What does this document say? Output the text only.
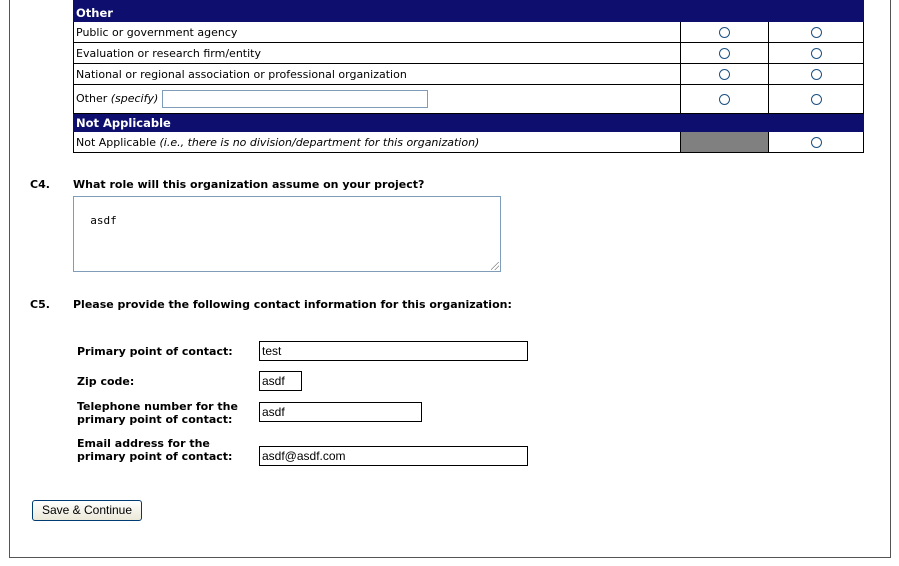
Other		
Public or government agency		
Evaluation or research firm/entity		
National or regional association or professional organization		
Other (specify)		
Not Applicable		
Not Applicable (i.e., there is no division/department for this organization)		
C4. What role will this organization assume on your project?

asdf

C5. Please provide the following contact information for this organization:
Primary point of contact: test
Zip code:	asdf
Telephone number for the
primary point of contact:
asdf
Email address for the
primary point of contact: asdf@asdf.com
Save & Continue
